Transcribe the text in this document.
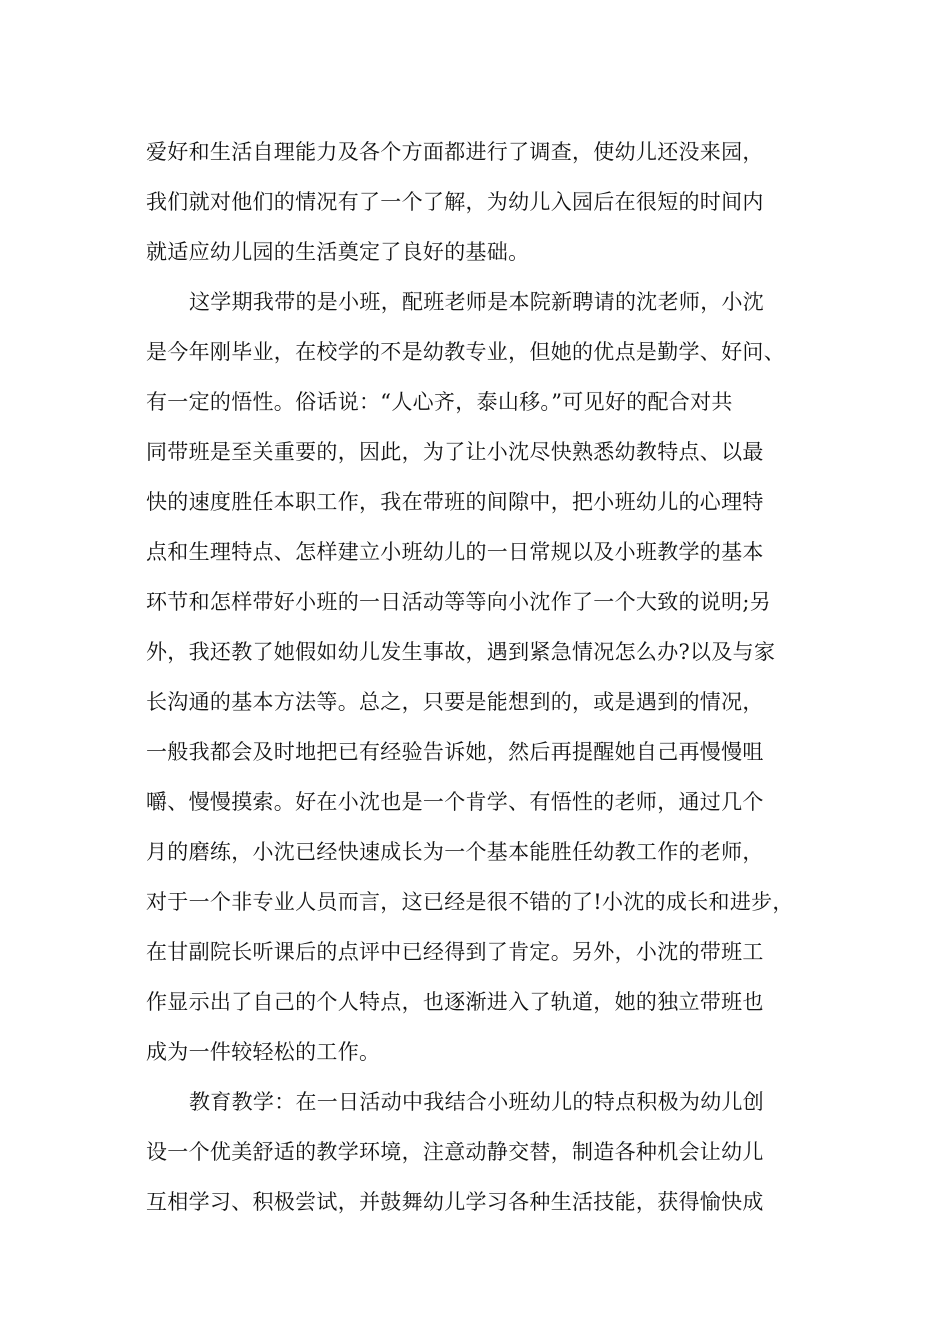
爱好和生活自理能力及各个方面都进行了调查，使幼儿还没来园，
我们就对他们的情况有了一个了解，为幼儿入园后在很短的时间内
就适应幼儿园的生活奠定了良好的基础。
这学期我带的是小班，配班老师是本院新聘请的沈老师，小沈
是今年刚毕业，在校学的不是幼教专业，但她的优点是勤学、好问、
有一定的悟性。俗话说：“人心齐，泰山移。”可见好的配合对共
同带班是至关重要的，因此，为了让小沈尽快熟悉幼教特点、以最
快的速度胜任本职工作，我在带班的间隙中，把小班幼儿的心理特
点和生理特点、怎样建立小班幼儿的一日常规以及小班教学的基本
环节和怎样带好小班的一日活动等等向小沈作了一个大致的说明;另
外，我还教了她假如幼儿发生事故，遇到紧急情况怎么办?以及与家
长沟通的基本方法等。总之，只要是能想到的，或是遇到的情况，
一般我都会及时地把已有经验告诉她，然后再提醒她自己再慢慢咀
嚼、慢慢摸索。好在小沈也是一个肯学、有悟性的老师，通过几个
月的磨练，小沈已经快速成长为一个基本能胜任幼教工作的老师，
对于一个非专业人员而言，这已经是很不错的了!小沈的成长和进步，
在甘副院长听课后的点评中已经得到了肯定。另外，小沈的带班工
作显示出了自己的个人特点，也逐渐进入了轨道，她的独立带班也
成为一件较轻松的工作。
教育教学：在一日活动中我结合小班幼儿的特点积极为幼儿创
设一个优美舒适的教学环境，注意动静交替，制造各种机会让幼儿
互相学习、积极尝试，并鼓舞幼儿学习各种生活技能，获得愉快成
